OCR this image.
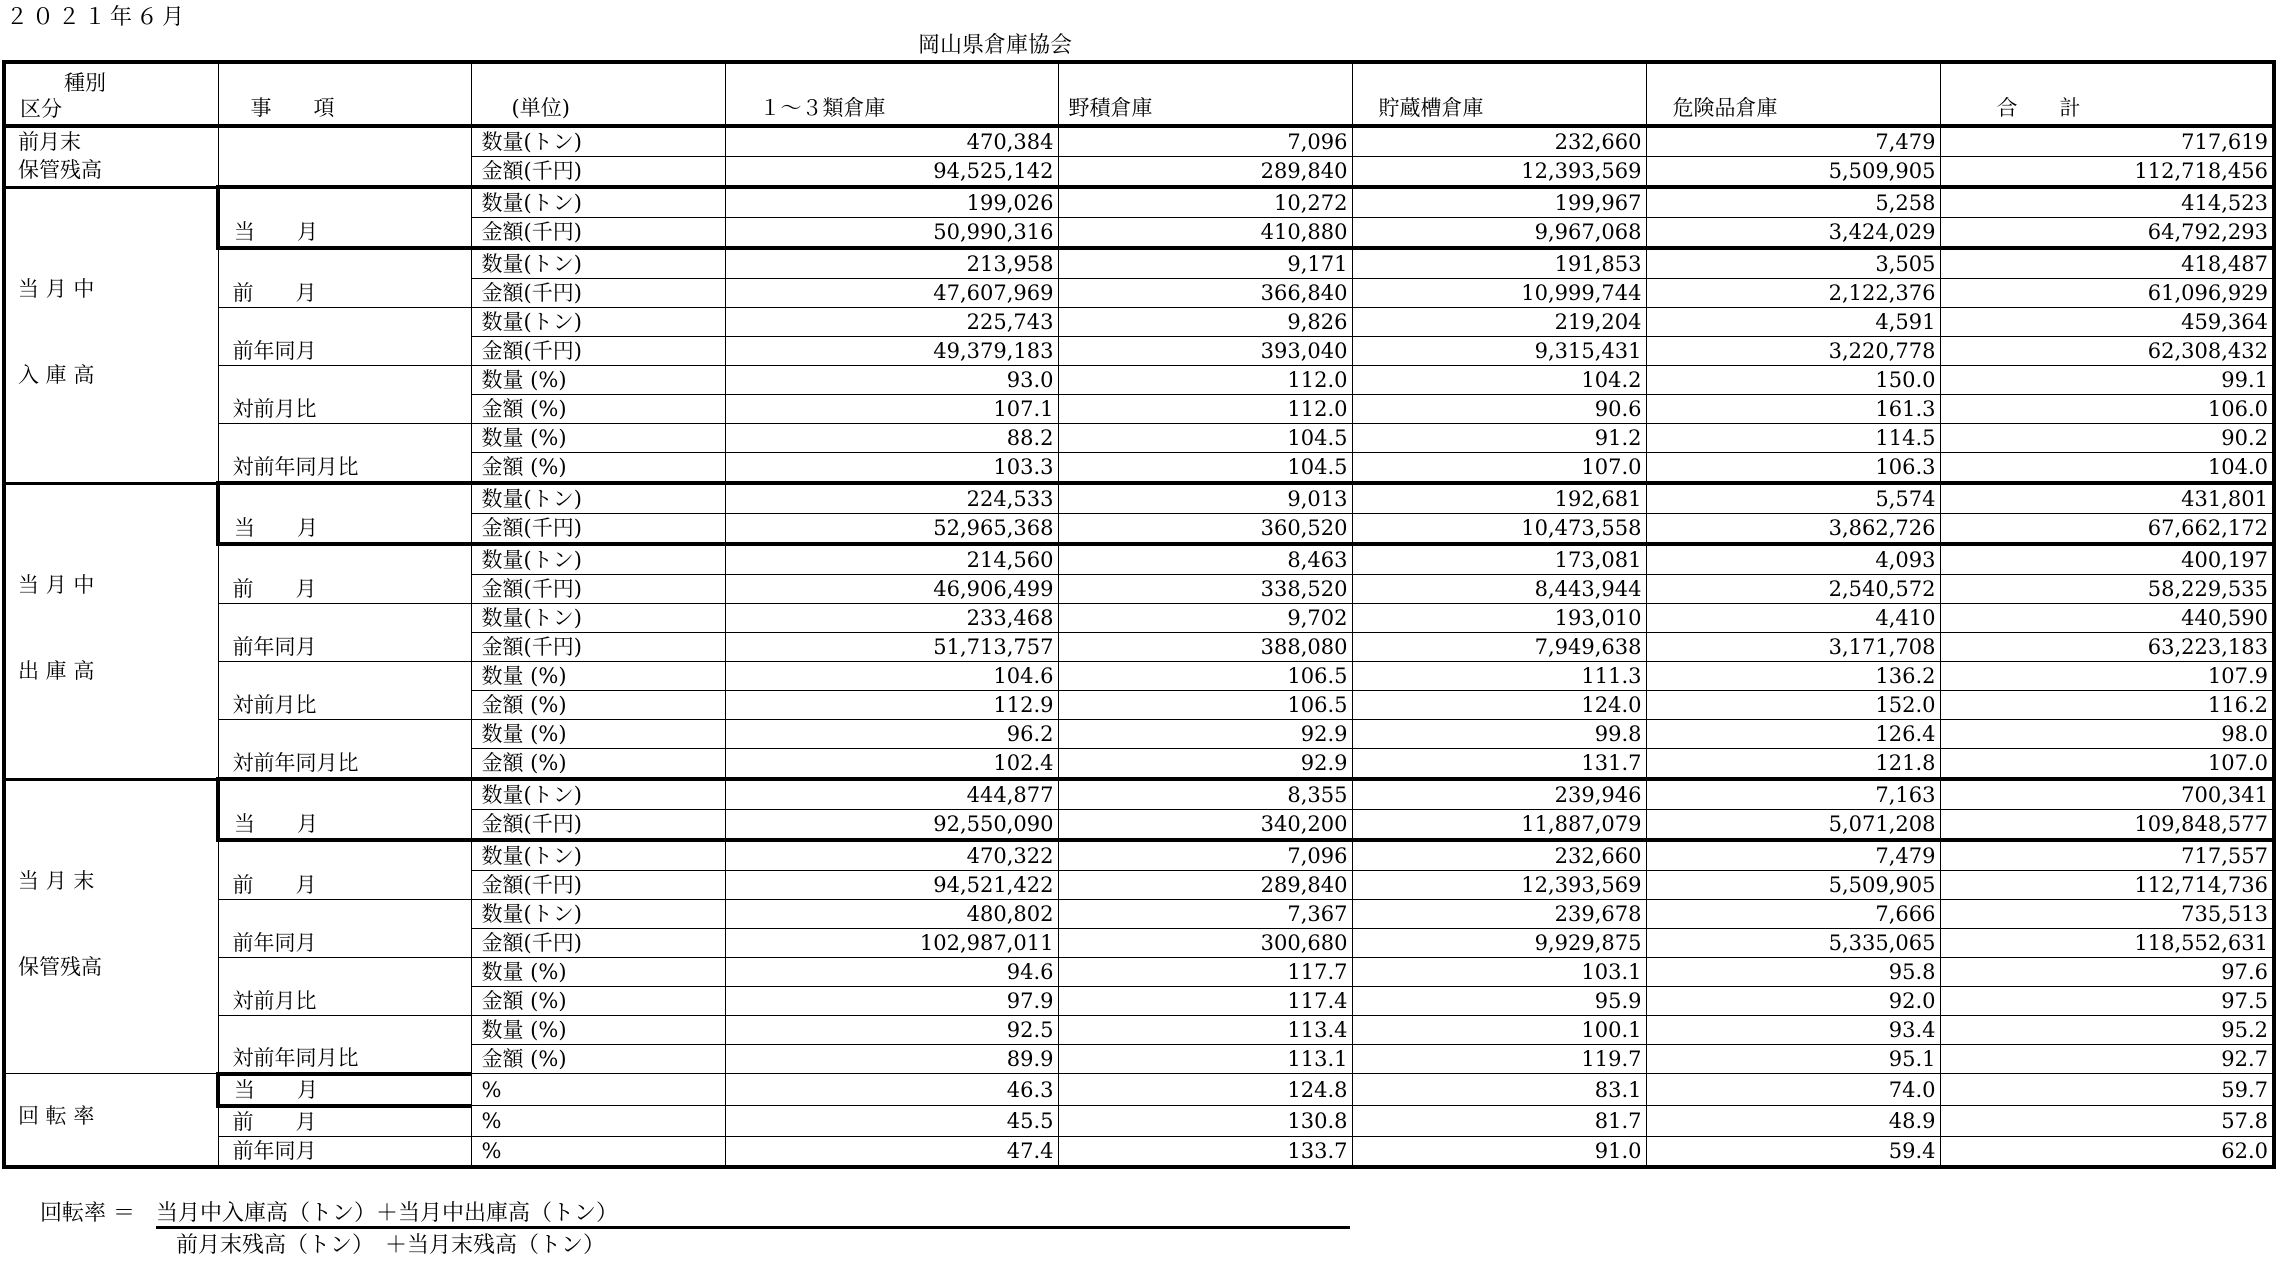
２０２１年６月
岡山県倉庫協会
種別
区分	事　　項	(単位)	１～３類倉庫	野積倉庫	貯蔵槽倉庫	危険品倉庫	合　　計

前月末
保管残高		数量(トン)	470,384	7,096	232,660	7,479	717,619
		金額(千円)	94,525,142	289,840	12,393,569	5,509,905	112,718,456

当 月 中
入 庫 高	当　　月	数量(トン)	199,026	10,272	199,967	5,258	414,523
		金額(千円)	50,990,316	410,880	9,967,068	3,424,029	64,792,293
	前　　月	数量(トン)	213,958	9,171	191,853	3,505	418,487
		金額(千円)	47,607,969	366,840	10,999,744	2,122,376	61,096,929
	前年同月	数量(トン)	225,743	9,826	219,204	4,591	459,364
		金額(千円)	49,379,183	393,040	9,315,431	3,220,778	62,308,432
	対前月比	数量 (%)	93.0	112.0	104.2	150.0	99.1
		金額 (%)	107.1	112.0	90.6	161.3	106.0
	対前年同月比	数量 (%)	88.2	104.5	91.2	114.5	90.2
		金額 (%)	103.3	104.5	107.0	106.3	104.0

当 月 中
出 庫 高	当　　月	数量(トン)	224,533	9,013	192,681	5,574	431,801
		金額(千円)	52,965,368	360,520	10,473,558	3,862,726	67,662,172
	前　　月	数量(トン)	214,560	8,463	173,081	4,093	400,197
		金額(千円)	46,906,499	338,520	8,443,944	2,540,572	58,229,535
	前年同月	数量(トン)	233,468	9,702	193,010	4,410	440,590
		金額(千円)	51,713,757	388,080	7,949,638	3,171,708	63,223,183
	対前月比	数量 (%)	104.6	106.5	111.3	136.2	107.9
		金額 (%)	112.9	106.5	124.0	152.0	116.2
	対前年同月比	数量 (%)	96.2	92.9	99.8	126.4	98.0
		金額 (%)	102.4	92.9	131.7	121.8	107.0

当 月 末
保管残高	当　　月	数量(トン)	444,877	8,355	239,946	7,163	700,341
		金額(千円)	92,550,090	340,200	11,887,079	5,071,208	109,848,577
	前　　月	数量(トン)	470,322	7,096	232,660	7,479	717,557
		金額(千円)	94,521,422	289,840	12,393,569	5,509,905	112,714,736
	前年同月	数量(トン)	480,802	7,367	239,678	7,666	735,513
		金額(千円)	102,987,011	300,680	9,929,875	5,335,065	118,552,631
	対前月比	数量 (%)	94.6	117.7	103.1	95.8	97.6
		金額 (%)	97.9	117.4	95.9	92.0	97.5
	対前年同月比	数量 (%)	92.5	113.4	100.1	93.4	95.2
		金額 (%)	89.9	113.1	119.7	95.1	92.7

回 転 率	当　　月	%	46.3	124.8	83.1	74.0	59.7
	前　　月	%	45.5	130.8	81.7	48.9	57.8
	前年同月	%	47.4	133.7	91.0	59.4	62.0
回転率 ＝ 当月中入庫高（トン）＋当月中出庫高（トン）
前月末残高（トン）　＋当月末残高（トン）
